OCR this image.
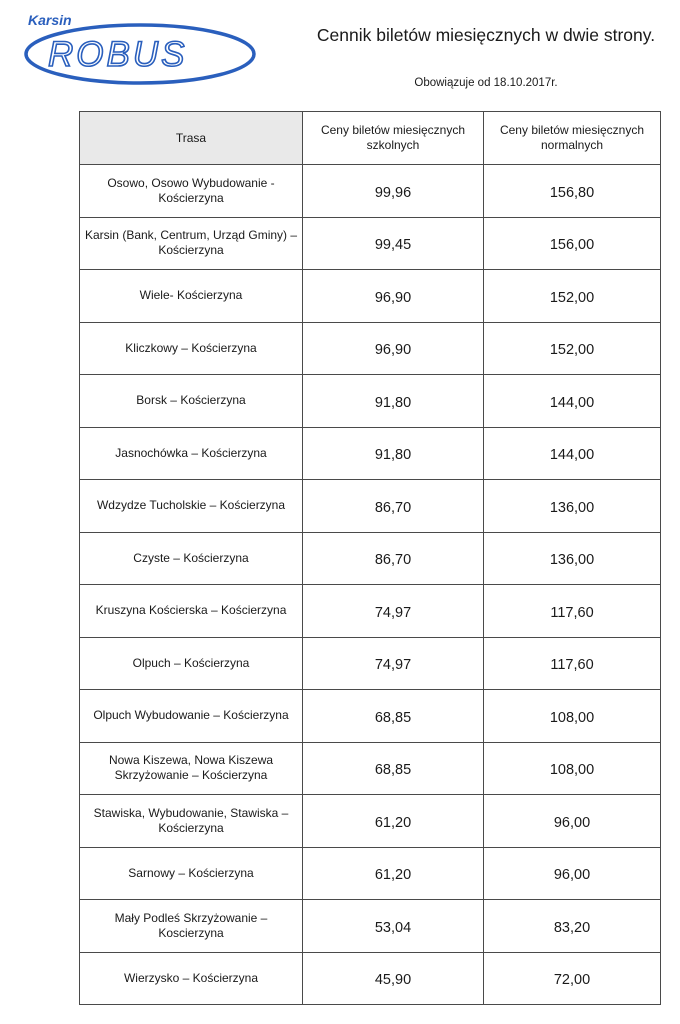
Karsin
ROBUS	Cennik biletów miesięcznych w dwie strony.
Obowiązuje od 18.10.2017r.
Trasa	Ceny biletów miesięcznych szkolnych	Ceny biletów miesięcznych normalnych
Osowo, Osowo Wybudowanie - Kościerzyna	99,96	156,80
Karsin (Bank, Centrum, Urząd Gminy) – Kościerzyna	99,45	156,00
Wiele- Kościerzyna	96,90	152,00
Kliczkowy – Kościerzyna	96,90	152,00
Borsk – Kościerzyna	91,80	144,00
Jasnochówka – Kościerzyna	91,80	144,00
Wdzydze Tucholskie – Kościerzyna	86,70	136,00
Czyste – Kościerzyna	86,70	136,00
Kruszyna Kościerska – Kościerzyna	74,97	117,60
Olpuch – Kościerzyna	74,97	117,60
Olpuch Wybudowanie – Kościerzyna	68,85	108,00
Nowa Kiszewa, Nowa Kiszewa Skrzyżowanie – Kościerzyna	68,85	108,00
Stawiska, Wybudowanie, Stawiska – Kościerzyna	61,20	96,00
Sarnowy – Kościerzyna	61,20	96,00
Mały Podleś Skrzyżowanie – Koscierzyna	53,04	83,20
Wierzysko – Kościerzyna	45,90	72,00
